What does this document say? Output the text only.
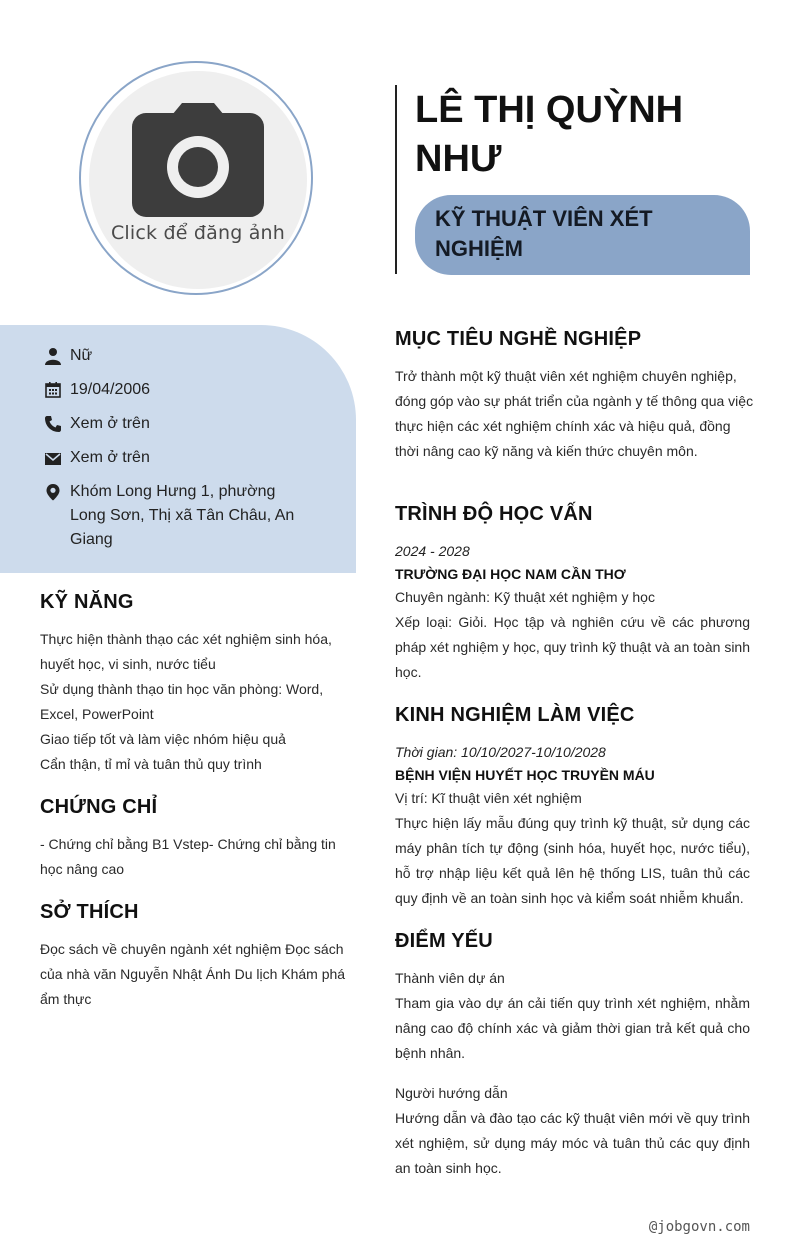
Click để đăng ảnh
LÊ THỊ QUỲNH NHƯ
KỸ THUẬT VIÊN XÉT NGHIỆM
Nữ
19/04/2006
Xem ở trên
Xem ở trên
Khóm Long Hưng 1, phường Long Sơn, Thị xã Tân Châu, An Giang
KỸ NĂNG
Thực hiện thành thạo các xét nghiệm sinh hóa, huyết học, vi sinh, nước tiểu
Sử dụng thành thạo tin học văn phòng: Word, Excel, PowerPoint
Giao tiếp tốt và làm việc nhóm hiệu quả
Cẩn thận, tỉ mỉ và tuân thủ quy trình
CHỨNG CHỈ
- Chứng chỉ bằng B1 Vstep- Chứng chỉ bằng tin học nâng cao
SỞ THÍCH
Đọc sách về chuyên ngành xét nghiệm Đọc sách của nhà văn Nguyễn Nhật Ánh Du lịch Khám phá ẩm thực
MỤC TIÊU NGHỀ NGHIỆP
Trở thành một kỹ thuật viên xét nghiệm chuyên nghiệp, đóng góp vào sự phát triển của ngành y tế thông qua việc thực hiện các xét nghiệm chính xác và hiệu quả, đồng thời nâng cao kỹ năng và kiến thức chuyên môn.
TRÌNH ĐỘ HỌC VẤN
2024 - 2028
TRƯỜNG ĐẠI HỌC NAM CẦN THƠ
Chuyên ngành: Kỹ thuật xét nghiệm y học
Xếp loại: Giỏi. Học tập và nghiên cứu về các phương pháp xét nghiệm y học, quy trình kỹ thuật và an toàn sinh học.
KINH NGHIỆM LÀM VIỆC
Thời gian: 10/10/2027-10/10/2028
BỆNH VIỆN HUYẾT HỌC TRUYỀN MÁU
Vị trí: Kĩ thuật viên xét nghiệm
Thực hiện lấy mẫu đúng quy trình kỹ thuật, sử dụng các máy phân tích tự động (sinh hóa, huyết học, nước tiểu), hỗ trợ nhập liệu kết quả lên hệ thống LIS, tuân thủ các quy định về an toàn sinh học và kiểm soát nhiễm khuẩn.
ĐIỂM YẾU
Thành viên dự án
Tham gia vào dự án cải tiến quy trình xét nghiệm, nhằm nâng cao độ chính xác và giảm thời gian trả kết quả cho bệnh nhân.
Người hướng dẫn
Hướng dẫn và đào tạo các kỹ thuật viên mới về quy trình xét nghiệm, sử dụng máy móc và tuân thủ các quy định an toàn sinh học.
@jobgovn.com
